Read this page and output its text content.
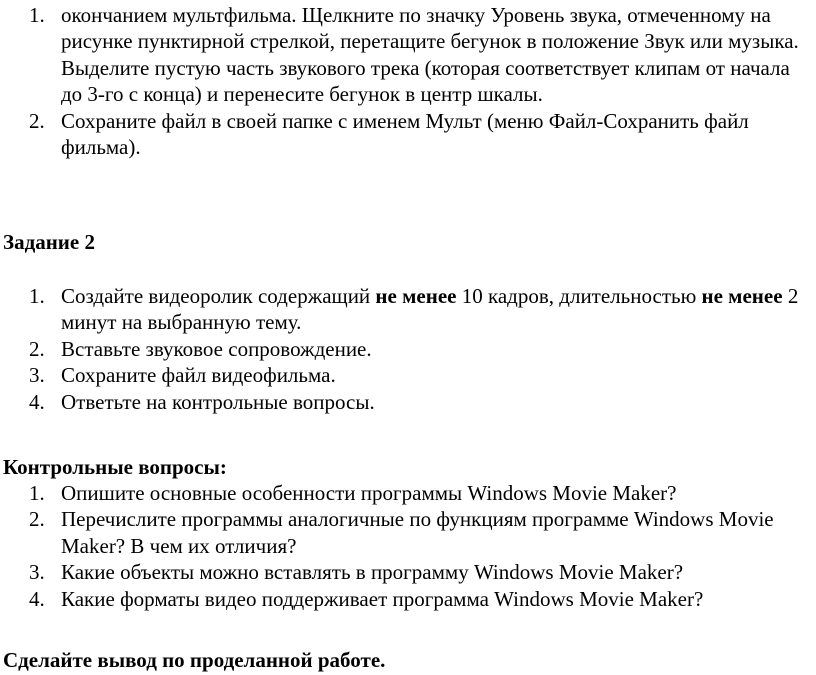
1. окончанием мультфильма. Щелкните по значку Уровень звука, отмеченному на рисунке пунктирной стрелкой, перетащите бегунок в положение Звук или музыка. Выделите пустую часть звукового трека (которая соответствует клипам от начала до 3-го с конца) и перенесите бегунок в центр шкалы.
2. Сохраните файл в своей папке с именем Мульт (меню Файл-Сохранить файл фильма).
Задание 2
1. Создайте видеоролик содержащий не менее 10 кадров, длительностью не менее 2 минут на выбранную тему.
2. Вставьте звуковое сопровождение.
3. Сохраните файл видеофильма.
4. Ответьте на контрольные вопросы.
Контрольные вопросы:
1. Опишите основные особенности программы Windows Movie Maker?
2. Перечислите программы аналогичные по функциям программе Windows Movie Maker? В чем их отличия?
3. Какие объекты можно вставлять в программу Windows Movie Maker?
4. Какие форматы видео поддерживает программа Windows Movie Maker?
Сделайте вывод по проделанной работе.
